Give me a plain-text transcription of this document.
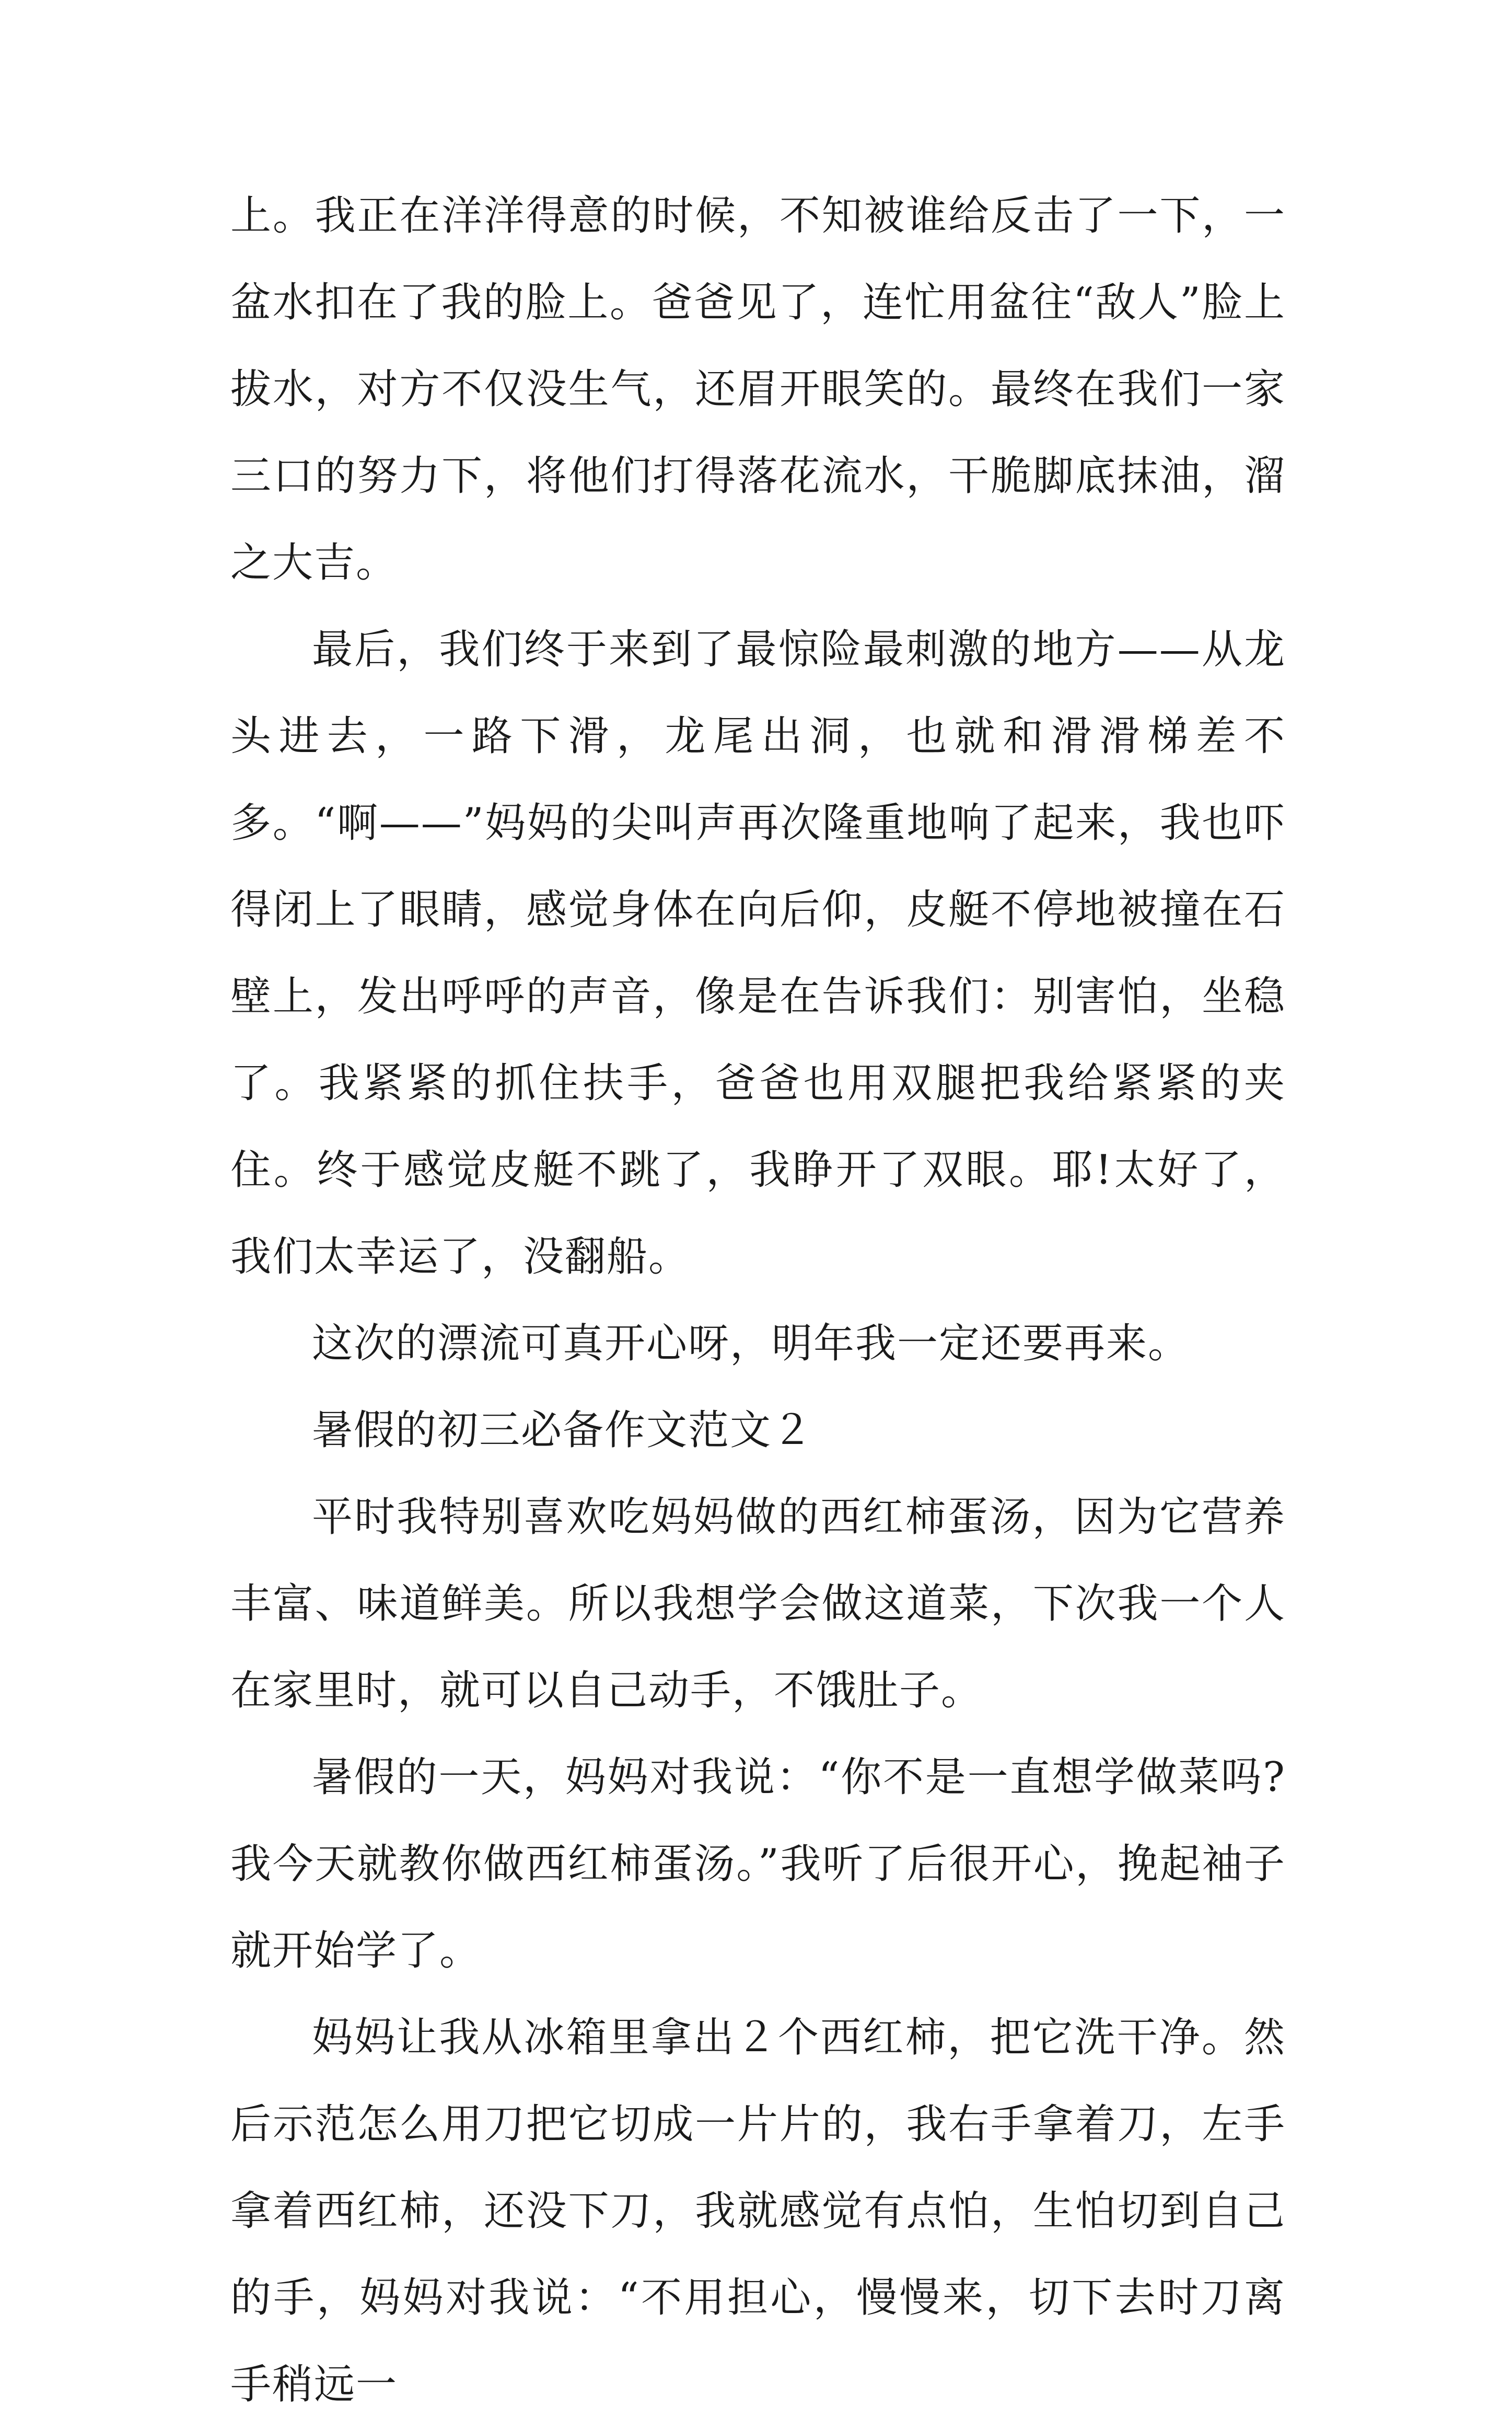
上。我正在洋洋得意的时候，不知被谁给反击了一下，一盆水扣在了我的脸上。爸爸见了，连忙用盆往“敌人”脸上拔水，对方不仅没生气，还眉开眼笑的。最终在我们一家三口的努力下，将他们打得落花流水，干脆脚底抹油，溜之大吉。

最后，我们终于来到了最惊险最刺激的地方——从龙头进去，一路下滑，龙尾出洞，也就和滑滑梯差不多。“啊——”妈妈的尖叫声再次隆重地响了起来，我也吓得闭上了眼睛，感觉身体在向后仰，皮艇不停地被撞在石壁上，发出呼呼的声音，像是在告诉我们：别害怕，坐稳了。我紧紧的抓住扶手，爸爸也用双腿把我给紧紧的夹住。终于感觉皮艇不跳了，我睁开了双眼。耶!太好了，我们太幸运了，没翻船。

这次的漂流可真开心呀，明年我一定还要再来。

暑假的初三必备作文范文２

平时我特别喜欢吃妈妈做的西红柿蛋汤，因为它营养丰富、味道鲜美。所以我想学会做这道菜，下次我一个人在家里时，就可以自己动手，不饿肚子。

暑假的一天，妈妈对我说：“你不是一直想学做菜吗?我今天就教你做西红柿蛋汤。”我听了后很开心，挽起袖子就开始学了。

妈妈让我从冰箱里拿出２个西红柿，把它洗干净。然后示范怎么用刀把它切成一片片的，我右手拿着刀，左手拿着西红柿，还没下刀，我就感觉有点怕，生怕切到自己的手，妈妈对我说：“不用担心，慢慢来，切下去时刀离手稍远一
